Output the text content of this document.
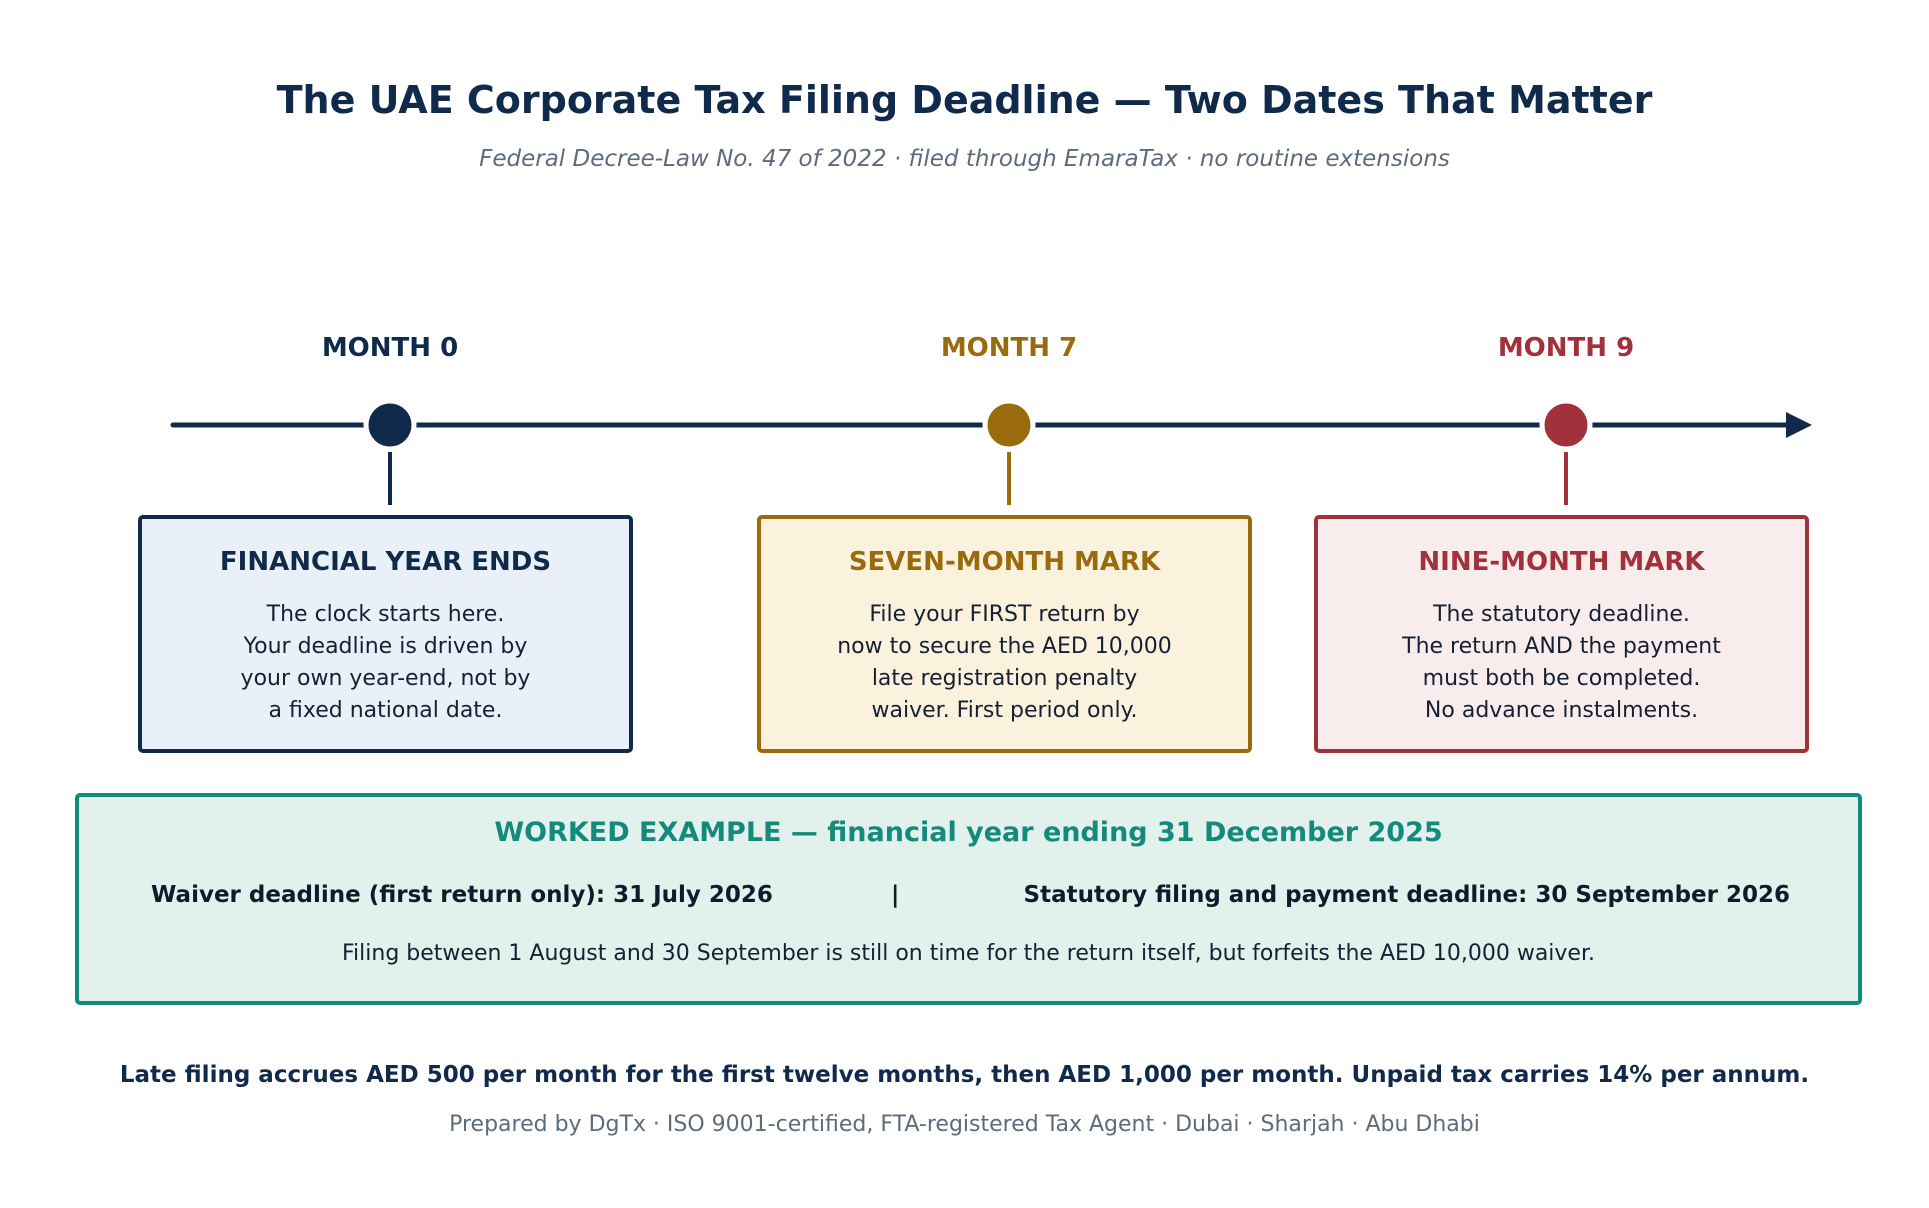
The UAE Corporate Tax Filing Deadline — Two Dates That Matter
Federal Decree-Law No. 47 of 2022 · filed through EmaraTax · no routine extensions
MONTH 0	MONTH 7	MONTH 9
FINANCIAL YEAR ENDS
The clock starts here.
Your deadline is driven by
your own year-end, not by
a fixed national date.
SEVEN-MONTH MARK
File your FIRST return by
now to secure the AED 10,000
late registration penalty
waiver. First period only.
NINE-MONTH MARK
The statutory deadline.
The return AND the payment
must both be completed.
No advance instalments.
WORKED EXAMPLE — financial year ending 31 December 2025
Waiver deadline (first return only): 31 July 2026	|	Statutory filing and payment deadline: 30 September 2026
Filing between 1 August and 30 September is still on time for the return itself, but forfeits the AED 10,000 waiver.
Late filing accrues AED 500 per month for the first twelve months, then AED 1,000 per month. Unpaid tax carries 14% per annum.
Prepared by DgTx · ISO 9001-certified, FTA-registered Tax Agent · Dubai · Sharjah · Abu Dhabi
